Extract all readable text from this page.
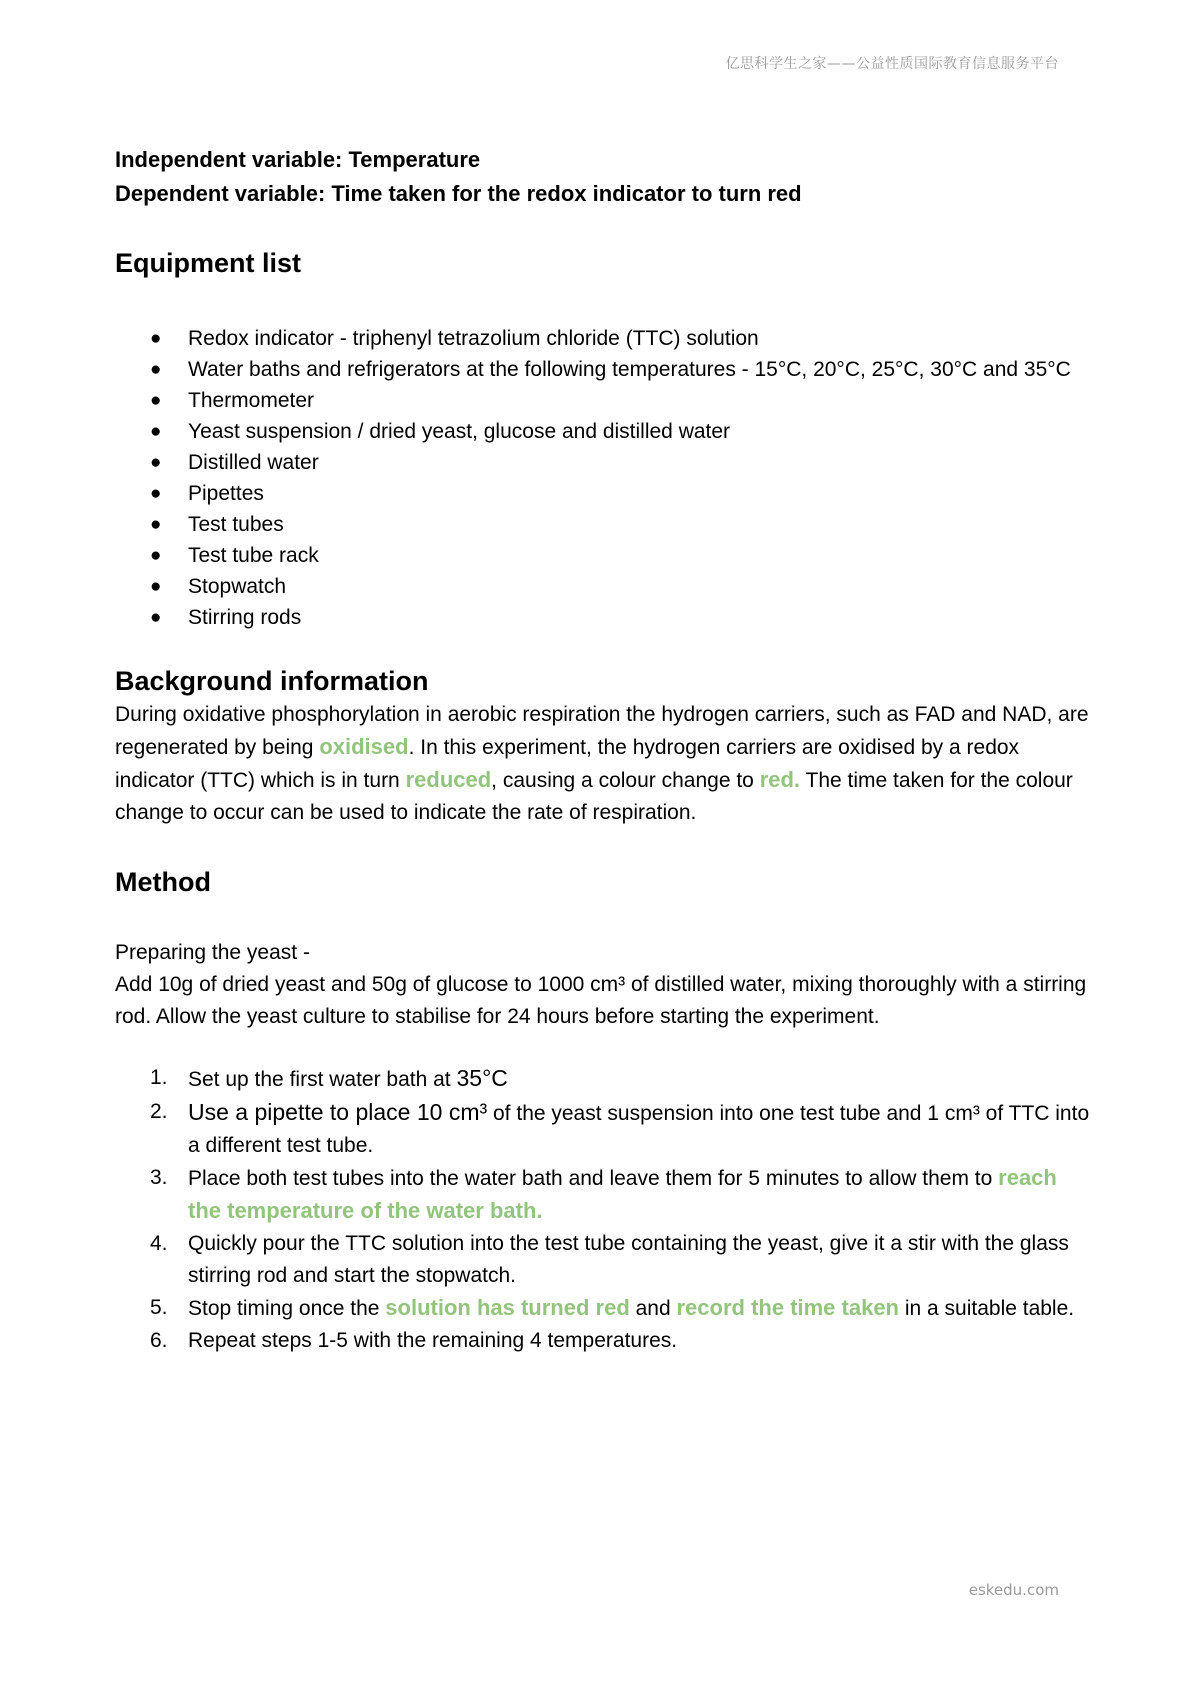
亿思科学生之家——公益性质国际教育信息服务平台

Independent variable: Temperature

Dependent variable: Time taken for the redox indicator to turn red

Equipment list
● Redox indicator - triphenyl tetrazolium chloride (TTC) solution
● Water baths and refrigerators at the following temperatures - 15°C, 20°C, 25°C, 30°C and 35°C
● Thermometer
● Yeast suspension / dried yeast, glucose and distilled water
● Distilled water
● Pipettes
● Test tubes
● Test tube rack
● Stopwatch
● Stirring rods
Background information

During oxidative phosphorylation in aerobic respiration the hydrogen carriers, such as FAD and NAD, are regenerated by being oxidised. In this experiment, the hydrogen carriers are oxidised by a redox indicator (TTC) which is in turn reduced, causing a colour change to red. The time taken for the colour change to occur can be used to indicate the rate of respiration.

Method

Preparing the yeast -

Add 10g of dried yeast and 50g of glucose to 1000 cm³ of distilled water, mixing thoroughly with a stirring rod. Allow the yeast culture to stabilise for 24 hours before starting the experiment.

1. Set up the first water bath at 35°C
2. Use a pipette to place 10 cm³ of the yeast suspension into one test tube and 1 cm³ of TTC into a different test tube.
3. Place both test tubes into the water bath and leave them for 5 minutes to allow them to reach the temperature of the water bath.
4. Quickly pour the TTC solution into the test tube containing the yeast, give it a stir with the glass stirring rod and start the stopwatch.
5. Stop timing once the solution has turned red and record the time taken in a suitable table.
6. Repeat steps 1-5 with the remaining 4 temperatures.
eskedu.com
